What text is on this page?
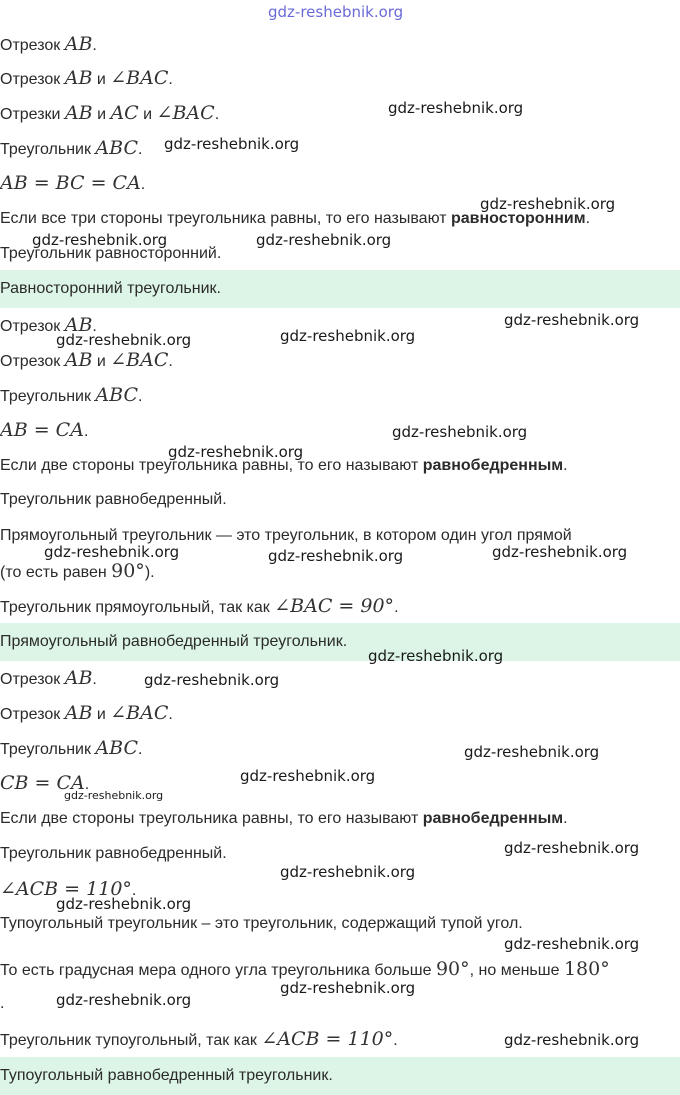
gdz-reshebnik.org
Отрезок AB.
Отрезок AB и ∠BAC.
Отрезки AB и AC и ∠BAC.
Треугольник ABC.
AB = BC = CA.
Если все три стороны треугольника равны, то его называют равносторонним.
Треугольник равносторонний.
Равносторонний треугольник.
Отрезок AB.
Отрезок AB и ∠BAC.
Треугольник ABC.
AB = CA.
Если две стороны треугольника равны, то его называют равнобедренным.
Треугольник равнобедренный.
Прямоугольный треугольник — это треугольник, в котором один угол прямой
(то есть равен 90°).
Треугольник прямоугольный, так как ∠BAC = 90°.
Прямоугольный равнобедренный треугольник.
Отрезок AB.
Отрезок AB и ∠BAC.
Треугольник ABC.
CB = CA.
Если две стороны треугольника равны, то его называют равнобедренным.
Треугольник равнобедренный.
∠ACB = 110°.
Тупоугольный треугольник – это треугольник, содержащий тупой угол.
То есть градусная мера одного угла треугольника больше 90°, но меньше 180°
.
Треугольник тупоугольный, так как ∠ACB = 110°.
Тупоугольный равнобедренный треугольник.
gdz-reshebnik.org
gdz-reshebnik.org
gdz-reshebnik.org
gdz-reshebnik.org	gdz-reshebnik.org
gdz-reshebnik.org
gdz-reshebnik.org	gdz-reshebnik.org
gdz-reshebnik.org
gdz-reshebnik.org
gdz-reshebnik.org	gdz-reshebnik.org	gdz-reshebnik.org
gdz-reshebnik.org
gdz-reshebnik.org
gdz-reshebnik.org
gdz-reshebnik.org
gdz-reshebnik.org
gdz-reshebnik.org
gdz-reshebnik.org
gdz-reshebnik.org
gdz-reshebnik.org
gdz-reshebnik.org
gdz-reshebnik.org
gdz-reshebnik.org
